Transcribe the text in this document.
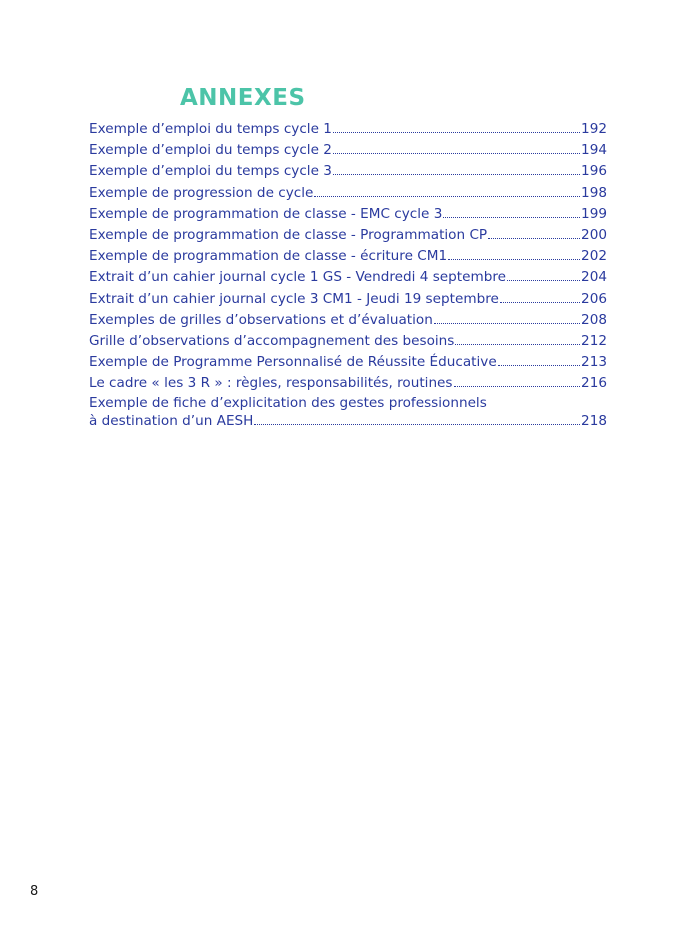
ANNEXES
Exemple d’emploi du temps cycle 1	192
Exemple d’emploi du temps cycle 2	194
Exemple d’emploi du temps cycle 3	196
Exemple de progression de cycle	198
Exemple de programmation de classe - EMC cycle 3	199
Exemple de programmation de classe - Programmation CP	200
Exemple de programmation de classe - écriture CM1	202
Extrait d’un cahier journal cycle 1 GS - Vendredi 4 septembre	204
Extrait d’un cahier journal cycle 3 CM1 - Jeudi 19 septembre	206
Exemples de grilles d’observations et d’évaluation	208
Grille d’observations d’accompagnement des besoins	212
Exemple de Programme Personnalisé de Réussite Éducative	213
Le cadre « les 3 R » : règles, responsabilités, routines	216
Exemple de fiche d’explicitation des gestes professionnels
à destination d’un AESH	218

8
